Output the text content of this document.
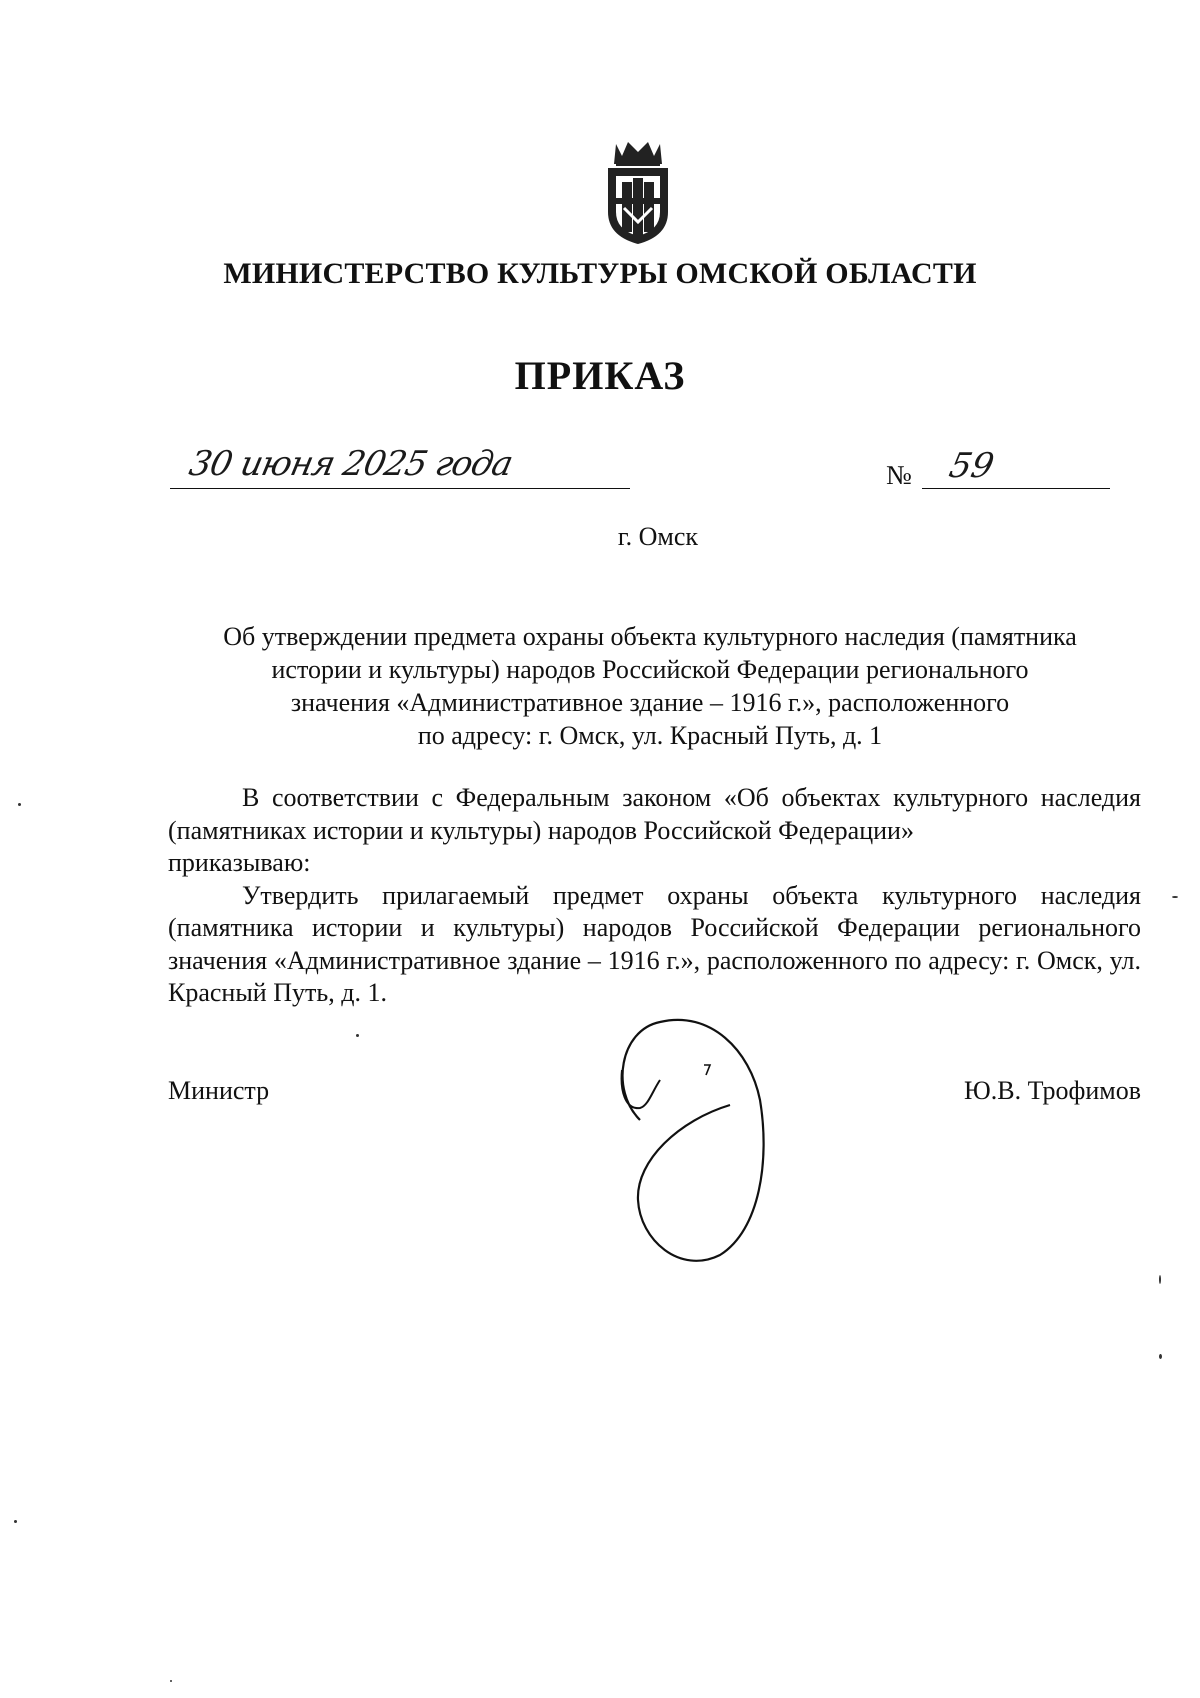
МИНИСТЕРСТВО КУЛЬТУРЫ ОМСКОЙ ОБЛАСТИ
ПРИКАЗ
30 июня 2025 года	№ 59
г. Омск
Об утверждении предмета охраны объекта культурного наследия (памятника
истории и культуры) народов Российской Федерации регионального
значения «Административное здание – 1916 г.», расположенного
по адресу: г. Омск, ул. Красный Путь, д. 1

В соответствии с Федеральным законом «Об объектах культурного наследия (памятниках истории и культуры) народов Российской Федерации»

приказываю:

Утвердить прилагаемый предмет охраны объекта культурного наследия (памятника истории и культуры) народов Российской Федерации регионального значения «Административное здание – 1916 г.», расположенного по адресу: г. Омск, ул. Красный Путь, д. 1.

Министр	Ю.В. Трофимов
